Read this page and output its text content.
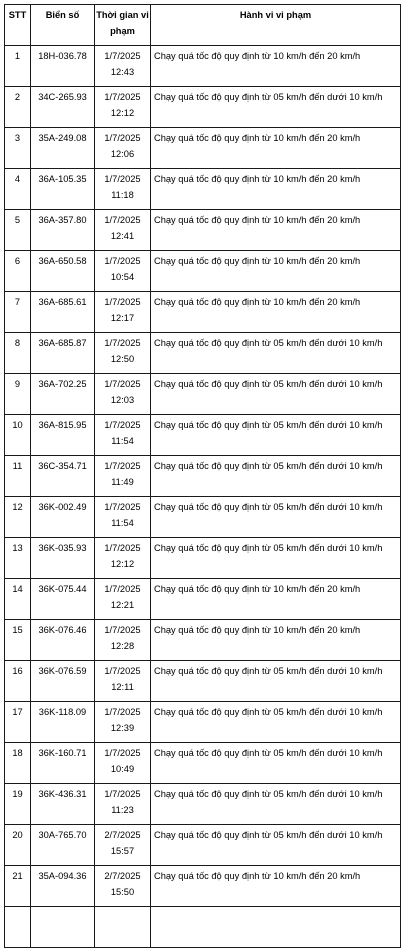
STT	Biển số	Thời gian vi phạm	Hành vi vi phạm
1	18H-036.78	1/7/2025 12:43	Chạy quá tốc độ quy định từ 10 km/h đến 20 km/h
2	34C-265.93	1/7/2025 12:12	Chạy quá tốc độ quy định từ 05 km/h đến dưới 10 km/h
3	35A-249.08	1/7/2025 12:06	Chạy quá tốc độ quy định từ 10 km/h đến 20 km/h
4	36A-105.35	1/7/2025 11:18	Chạy quá tốc độ quy định từ 10 km/h đến 20 km/h
5	36A-357.80	1/7/2025 12:41	Chạy quá tốc độ quy định từ 10 km/h đến 20 km/h
6	36A-650.58	1/7/2025 10:54	Chạy quá tốc độ quy định từ 10 km/h đến 20 km/h
7	36A-685.61	1/7/2025 12:17	Chạy quá tốc độ quy định từ 10 km/h đến 20 km/h
8	36A-685.87	1/7/2025 12:50	Chạy quá tốc độ quy định từ 05 km/h đến dưới 10 km/h
9	36A-702.25	1/7/2025 12:03	Chạy quá tốc độ quy định từ 05 km/h đến dưới 10 km/h
10	36A-815.95	1/7/2025 11:54	Chạy quá tốc độ quy định từ 05 km/h đến dưới 10 km/h
11	36C-354.71	1/7/2025 11:49	Chạy quá tốc độ quy định từ 05 km/h đến dưới 10 km/h
12	36K-002.49	1/7/2025 11:54	Chạy quá tốc độ quy định từ 05 km/h đến dưới 10 km/h
13	36K-035.93	1/7/2025 12:12	Chạy quá tốc độ quy định từ 05 km/h đến dưới 10 km/h
14	36K-075.44	1/7/2025 12:21	Chạy quá tốc độ quy định từ 10 km/h đến 20 km/h
15	36K-076.46	1/7/2025 12:28	Chạy quá tốc độ quy định từ 10 km/h đến 20 km/h
16	36K-076.59	1/7/2025 12:11	Chạy quá tốc độ quy định từ 05 km/h đến dưới 10 km/h
17	36K-118.09	1/7/2025 12:39	Chạy quá tốc độ quy định từ 05 km/h đến dưới 10 km/h
18	36K-160.71	1/7/2025 10:49	Chạy quá tốc độ quy định từ 05 km/h đến dưới 10 km/h
19	36K-436.31	1/7/2025 11:23	Chạy quá tốc độ quy định từ 05 km/h đến dưới 10 km/h
20	30A-765.70	2/7/2025 15:57	Chạy quá tốc độ quy định từ 05 km/h đến dưới 10 km/h
21	35A-094.36	2/7/2025 15:50	Chạy quá tốc độ quy định từ 10 km/h đến 20 km/h
